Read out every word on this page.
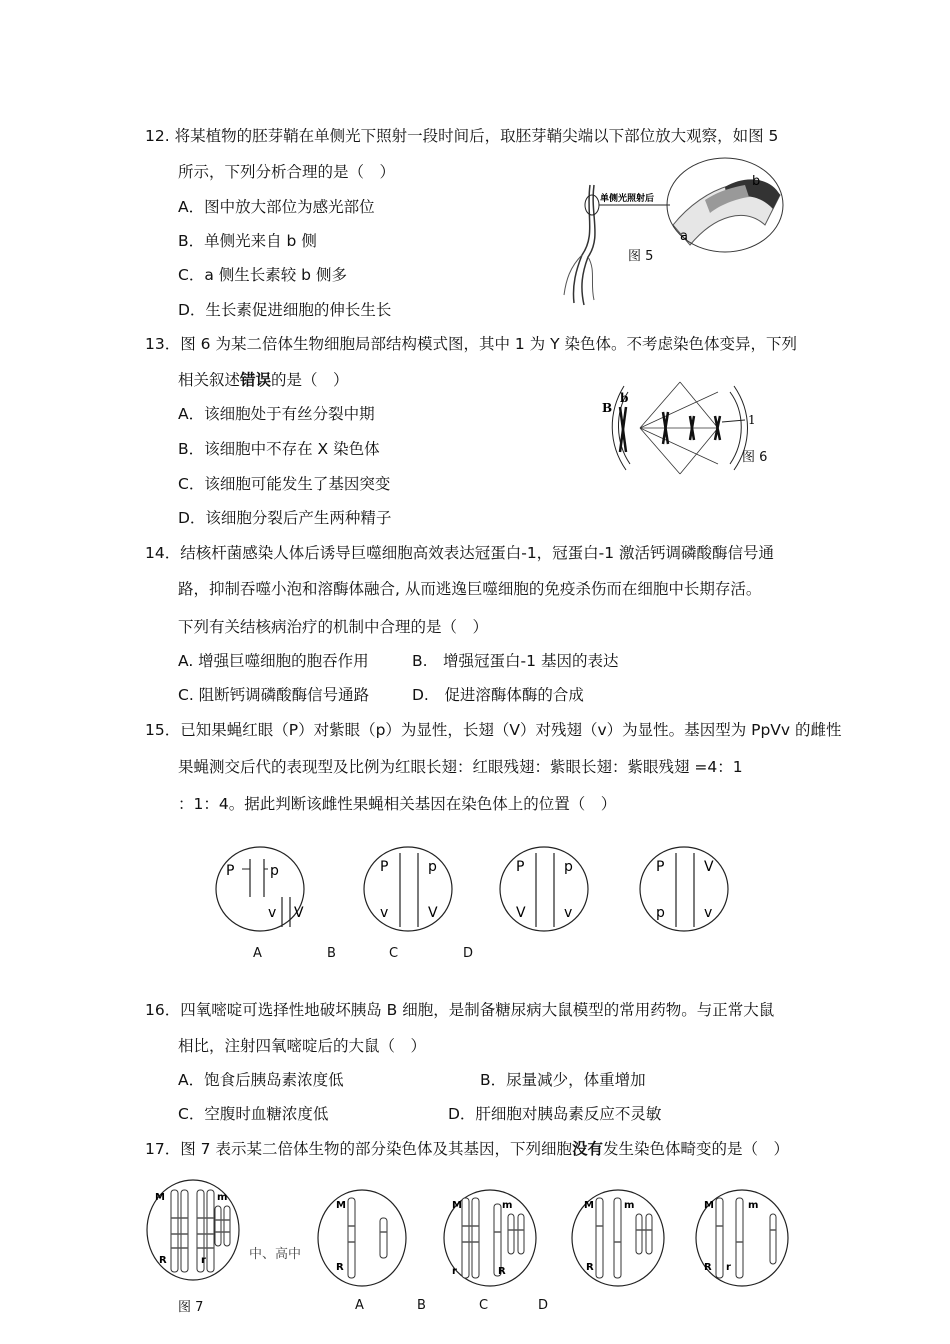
12. 将某植物的胚芽鞘在单侧光下照射一段时间后，取胚芽鞘尖端以下部位放大观察，如图 5
所示，下列分析合理的是（　）
A．图中放大部位为感光部位
B．单侧光来自 b 侧
C．a 侧生长素较 b 侧多
D．生长素促进细胞的伸长生长
单侧光照射后
b
a
图 5
13．图 6 为某二倍体生物细胞局部结构模式图，其中 1 为 Y 染色体。不考虑染色体变异，下列
相关叙述错误的是（　）
A．该细胞处于有丝分裂中期
B．该细胞中不存在 X 染色体
C．该细胞可能发生了基因突变
D．该细胞分裂后产生两种精子
B
b
1
图 6
14．结核杆菌感染人体后诱导巨噬细胞高效表达冠蛋白-1，冠蛋白-1 激活钙调磷酸酶信号通
路，抑制吞噬小泡和溶酶体融合, 从而逃逸巨噬细胞的免疫杀伤而在细胞中长期存活。
下列有关结核病治疗的机制中合理的是（　）
A. 增强巨噬细胞的胞吞作用	B.　增强冠蛋白-1 基因的表达
C. 阻断钙调磷酸酶信号通路	D.　促进溶酶体酶的合成
15．已知果蝇红眼（P）对紫眼（p）为显性，长翅（V）对残翅（v）为显性。基因型为 PpVv 的雌性
果蝇测交后代的表现型及比例为红眼长翅：红眼残翅：紫眼长翅：紫眼残翅 =4：1
：1：4。据此判断该雌性果蝇相关基因在染色体上的位置（　）
P	p
v V
P	p
v	V
P	p
V	v
P	V
p	v
A	B	C	D
16．四氧嘧啶可选择性地破坏胰岛 B 细胞，是制备糖尿病大鼠模型的常用药物。与正常大鼠
相比，注射四氧嘧啶后的大鼠（　）
A．饱食后胰岛素浓度低	B．尿量减少，体重增加
C．空腹时血糖浓度低	D．肝细胞对胰岛素反应不灵敏
17．图 7 表示某二倍体生物的部分染色体及其基因，下列细胞没有发生染色体畸变的是（　）
M	m
R	r	中、高中
M
R
M	m
r	R
M	m
R
M	m
R r
图 7	A	B	C	D
